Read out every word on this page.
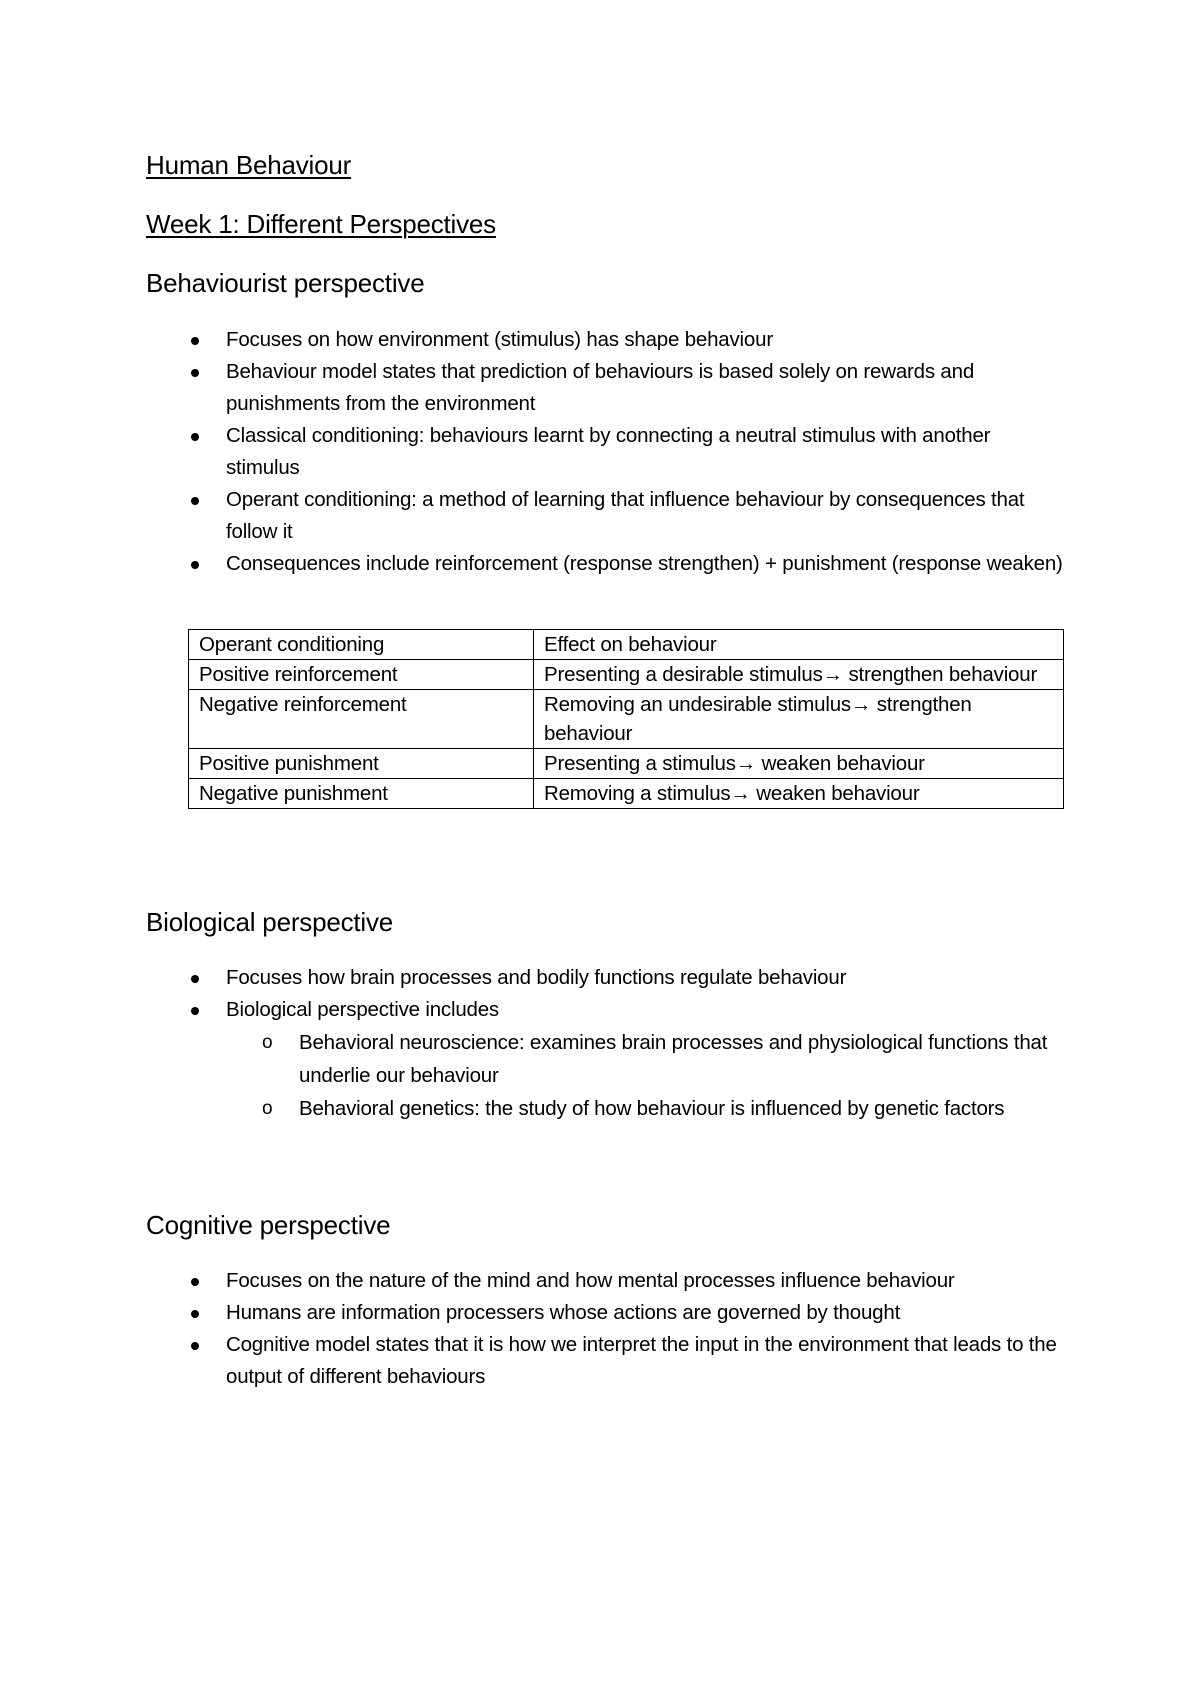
Human Behaviour
Week 1: Different Perspectives
Behaviourist perspective
Focuses on how environment (stimulus) has shape behaviour
Behaviour model states that prediction of behaviours is based solely on rewards and punishments from the environment
Classical conditioning: behaviours learnt by connecting a neutral stimulus with another stimulus
Operant conditioning: a method of learning that influence behaviour by consequences that follow it
Consequences include reinforcement (response strengthen) + punishment (response weaken)
Operant conditioning	Effect on behaviour
Positive reinforcement	Presenting a desirable stimulus→ strengthen behaviour
Negative reinforcement	Removing an undesirable stimulus→ strengthen behaviour
Positive punishment	Presenting a stimulus→ weaken behaviour
Negative punishment	Removing a stimulus→ weaken behaviour
Biological perspective
Focuses how brain processes and bodily functions regulate behaviour
Biological perspective includes
o Behavioral neuroscience: examines brain processes and physiological functions that underlie our behaviour
o Behavioral genetics: the study of how behaviour is influenced by genetic factors
Cognitive perspective
Focuses on the nature of the mind and how mental processes influence behaviour
Humans are information processers whose actions are governed by thought
Cognitive model states that it is how we interpret the input in the environment that leads to the output of different behaviours
